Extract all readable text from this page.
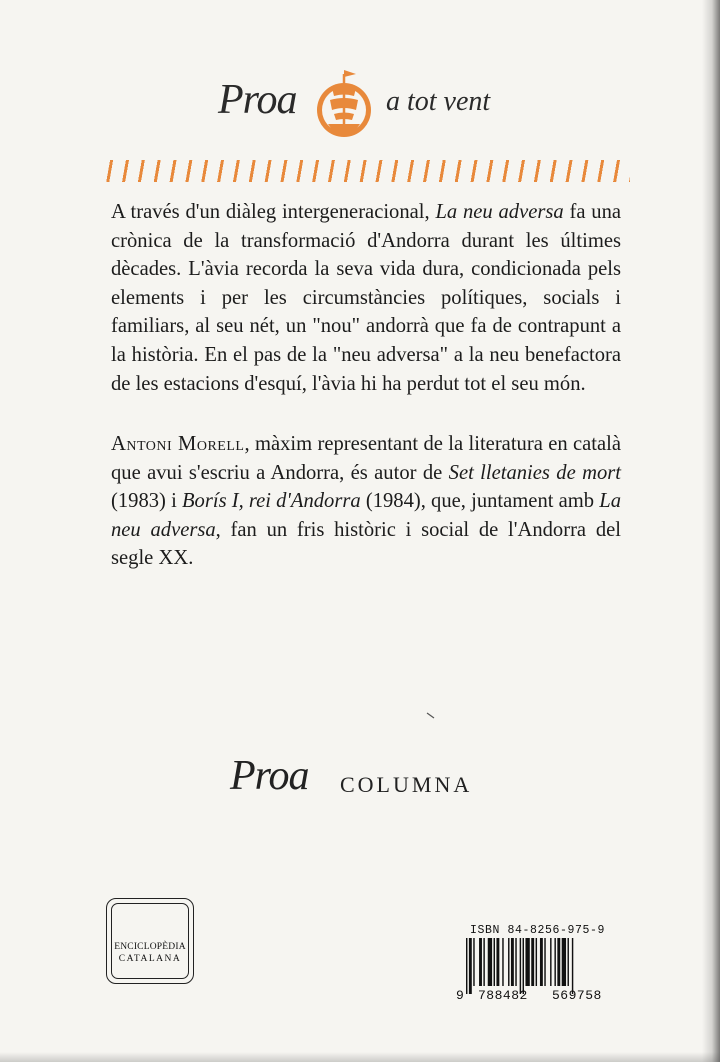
Proa	a tot vent

A través d'un diàleg intergeneracional, La neu adversa fa una crònica de la transformació d'Andorra durant les últimes dècades. L'àvia recorda la seva vida dura, condicionada pels elements i per les circumstàncies polítiques, socials i familiars, al seu nét, un "nou" andorrà que fa de contrapunt a la història. En el pas de la "neu adversa" a la neu benefactora de les estacions d'esquí, l'àvia hi ha perdut tot el seu món.

Antoni Morell, màxim representant de la literatura en català que avui s'escriu a Andorra, és autor de Set lletanies de mort (1983) i Borís I, rei d'Andorra (1984), que, juntament amb La neu adversa, fan un fris històric i social de l'Andorra del segle XX.

Proa COLUMNA
ENCICLOPÈDIA
CATALANA
ISBN 84-8256-975-9
9 788482 569758
